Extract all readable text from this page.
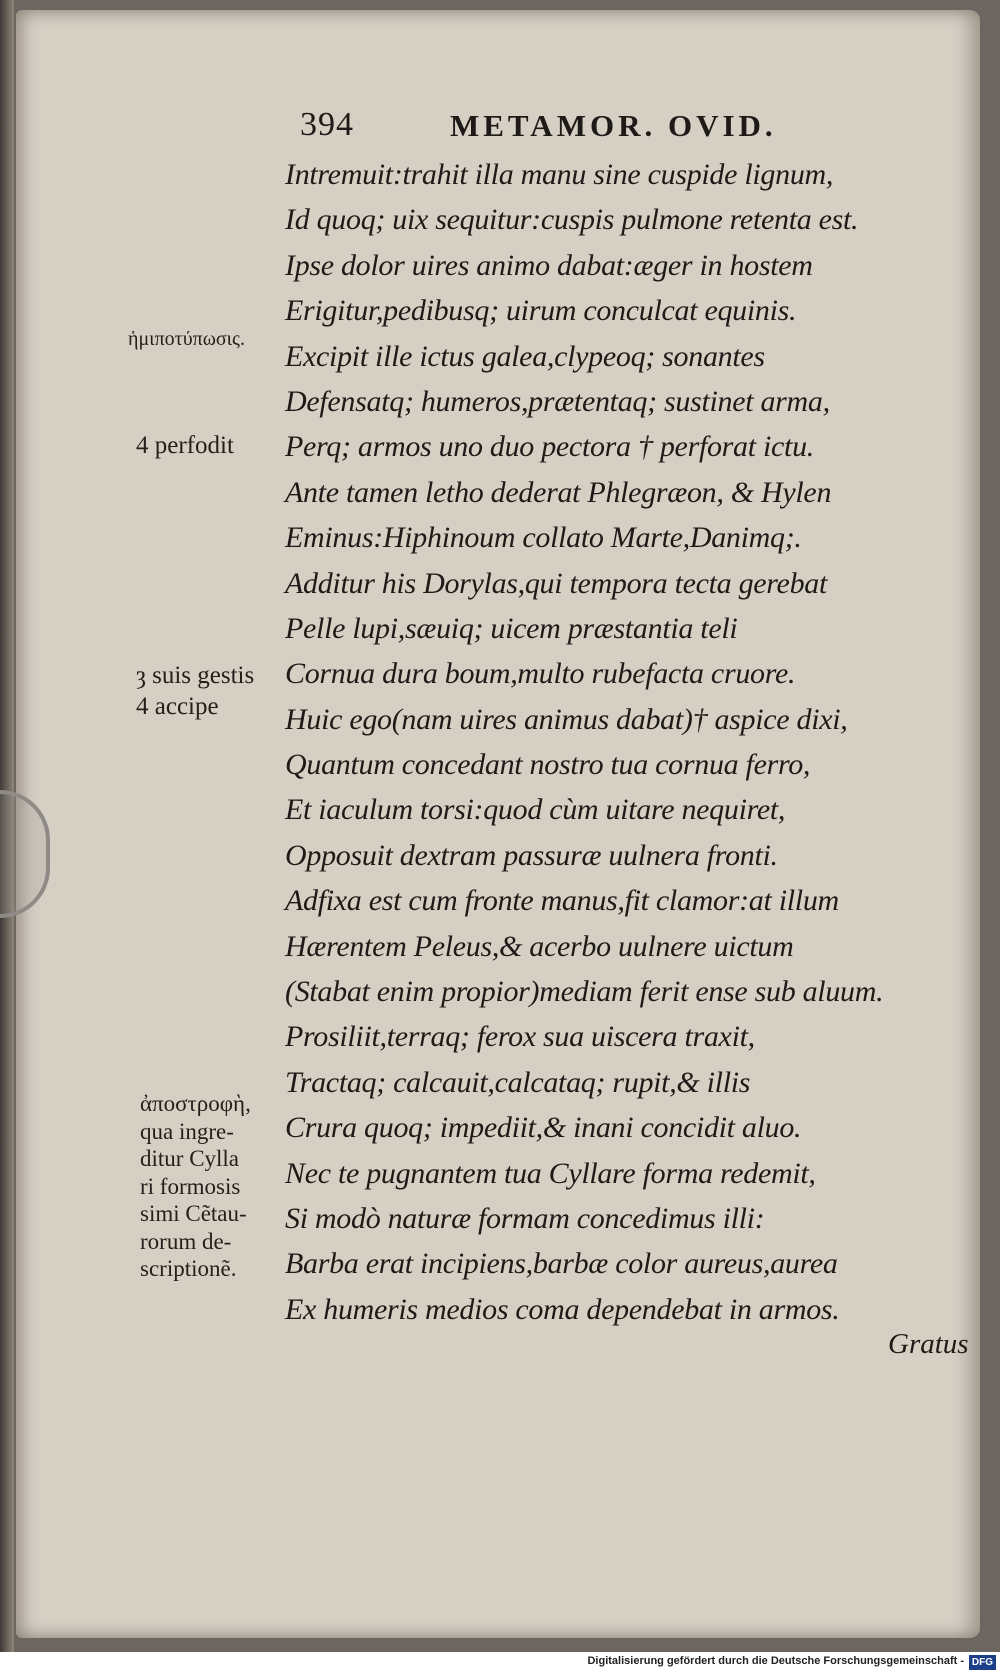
394	METAMOR. OVID.
Intremuit:trahit illa manu sine cuspide lignum,
Id quoq; uix sequitur:cuspis pulmone retenta est.
Ipse dolor uires animo dabat:æger in hostem
Erigitur,pedibusq; uirum conculcat equinis.
Excipit ille ictus galea,clypeoq; sonantes
Defensatq; humeros,prætentaq; sustinet arma,
Perq; armos uno duo pectora † perforat ictu.
Ante tamen letho dederat Phlegræon, & Hylen
Eminus:Hiphinoum collato Marte,Danimq;.
Additur his Dorylas,qui tempora tecta gerebat
Pelle lupi,sæuiq; uicem præstantia teli
Cornua dura boum,multo rubefacta cruore.
Huic ego(nam uires animus dabat)† aspice dixi,
Quantum concedant nostro tua cornua ferro,
Et iaculum torsi:quod cùm uitare nequiret,
Opposuit dextram passuræ uulnera fronti.
Adfixa est cum fronte manus,fit clamor:at illum
Hærentem Peleus,& acerbo uulnere uictum
(Stabat enim propior)mediam ferit ense sub aluum.
Prosiliit,terraq; ferox sua uiscera traxit,
Tractaq; calcauit,calcataq; rupit,& illis
Crura quoq; impediit,& inani concidit aluo.
Nec te pugnantem tua Cyllare forma redemit,
Si modò naturæ formam concedimus illi:
Barba erat incipiens,barbæ color aureus,aurea
Ex humeris medios coma dependebat in armos.
ἡμιποτύπωσις.
4 perfodit
ȝ suis gestis
4 accipe
ἀποστροφὴ,
qua ingre-
ditur Cylla
ri formosis
simi Cẽtau-
rorum de-
scriptionẽ.
Gratus
Digitalisierung gefördert durch die Deutsche Forschungsgemeinschaft - DFG
